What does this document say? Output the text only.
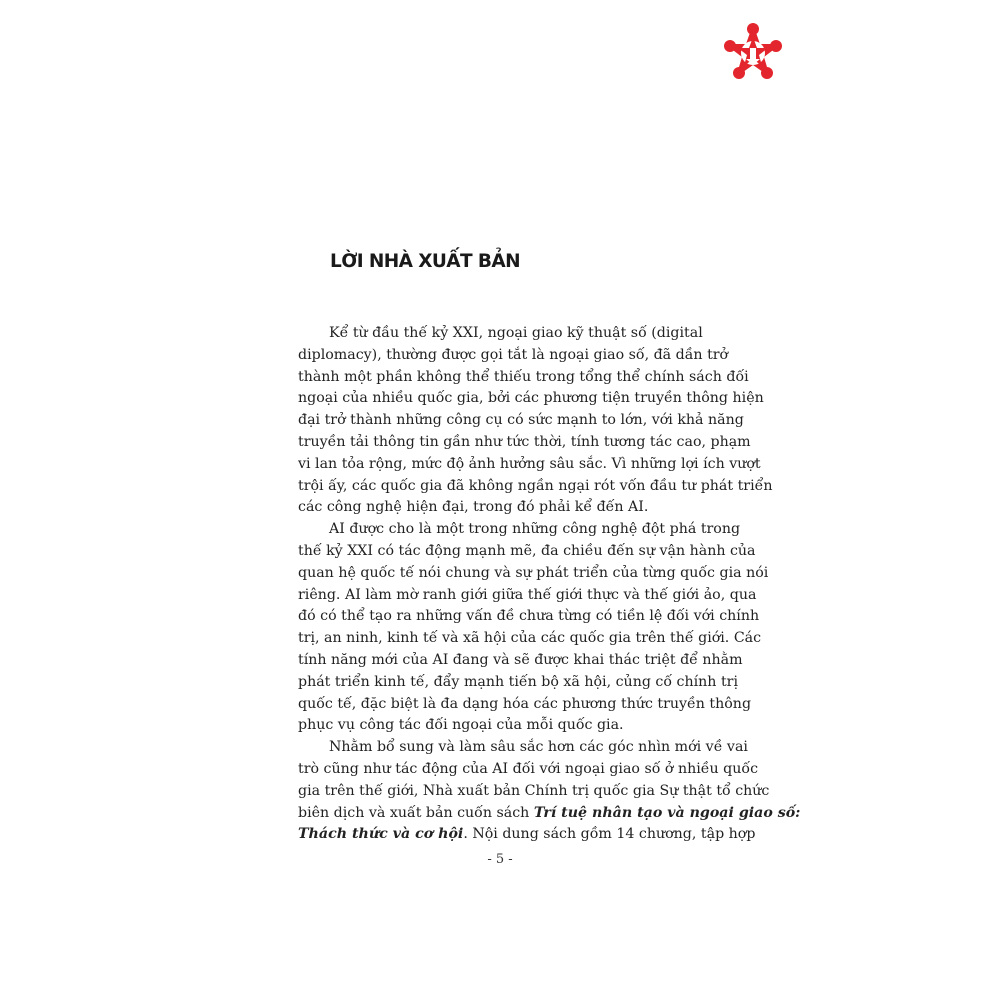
LỜI NHÀ XUẤT BẢN
Kể từ đầu thế kỷ XXI, ngoại giao kỹ thuật số (digital
diplomacy), thường được gọi tắt là ngoại giao số, đã dần trở
thành một phần không thể thiếu trong tổng thể chính sách đối
ngoại của nhiều quốc gia, bởi các phương tiện truyền thông hiện
đại trở thành những công cụ có sức mạnh to lớn, với khả năng
truyền tải thông tin gần như tức thời, tính tương tác cao, phạm
vi lan tỏa rộng, mức độ ảnh hưởng sâu sắc. Vì những lợi ích vượt
trội ấy, các quốc gia đã không ngần ngại rót vốn đầu tư phát triển
các công nghệ hiện đại, trong đó phải kể đến AI.
AI được cho là một trong những công nghệ đột phá trong
thế kỷ XXI có tác động mạnh mẽ, đa chiều đến sự vận hành của
quan hệ quốc tế nói chung và sự phát triển của từng quốc gia nói
riêng. AI làm mờ ranh giới giữa thế giới thực và thế giới ảo, qua
đó có thể tạo ra những vấn đề chưa từng có tiền lệ đối với chính
trị, an ninh, kinh tế và xã hội của các quốc gia trên thế giới. Các
tính năng mới của AI đang và sẽ được khai thác triệt để nhằm
phát triển kinh tế, đẩy mạnh tiến bộ xã hội, củng cố chính trị
quốc tế, đặc biệt là đa dạng hóa các phương thức truyền thông
phục vụ công tác đối ngoại của mỗi quốc gia.
Nhằm bổ sung và làm sâu sắc hơn các góc nhìn mới về vai
trò cũng như tác động của AI đối với ngoại giao số ở nhiều quốc
gia trên thế giới, Nhà xuất bản Chính trị quốc gia Sự thật tổ chức
biên dịch và xuất bản cuốn sách Trí tuệ nhân tạo và ngoại giao số:
Thách thức và cơ hội. Nội dung sách gồm 14 chương, tập hợp
- 5 -
